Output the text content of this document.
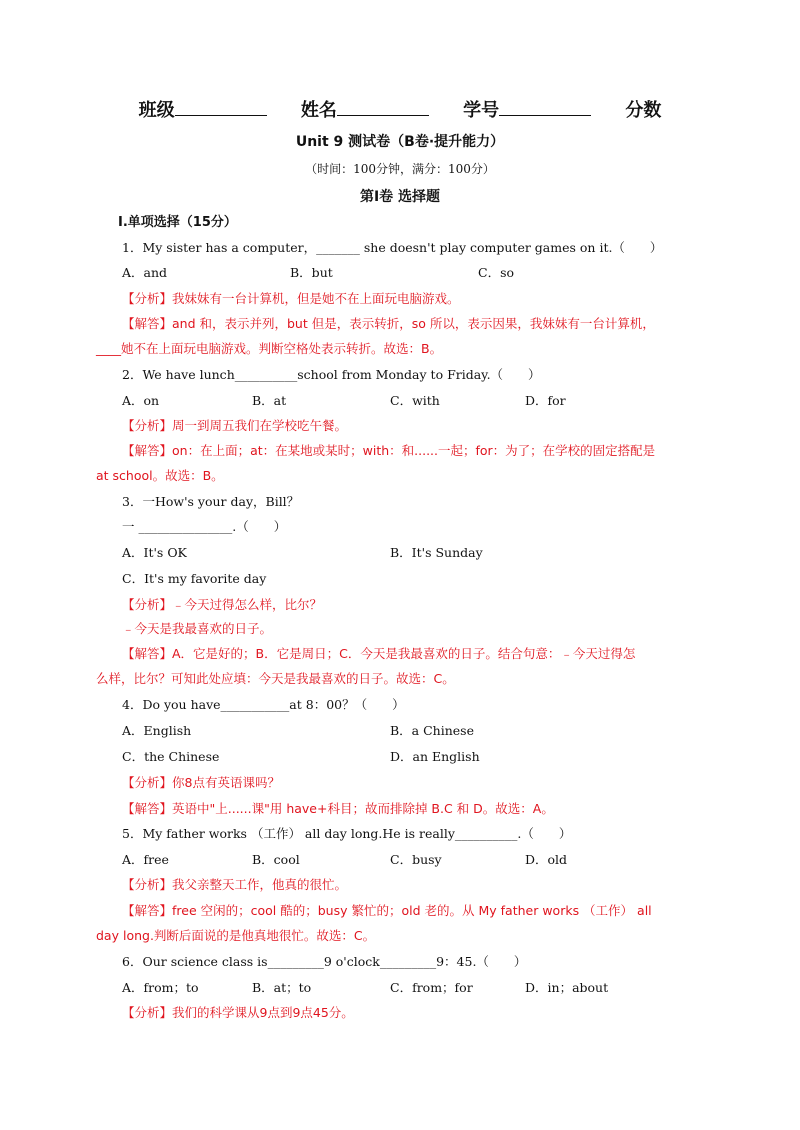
班级	姓名	学号	分数
Unit 9 测试卷（B卷·提升能力）
（时间：100分钟，满分：100分）
第Ⅰ卷 选择题
Ⅰ.单项选择（15分）
1．My sister has a computer，_______ she doesn't play computer games on it.（　　）
A．and	B．but	C．so
【分析】我妹妹有一台计算机，但是她不在上面玩电脑游戏。
【解答】and 和，表示并列，but 但是，表示转折，so 所以，表示因果，我妹妹有一台计算机，
____她不在上面玩电脑游戏。判断空格处表示转折。故选：B。
2．We have lunch__________school from Monday to Friday.（　　）
A．on	B．at	C．with	D．for
【分析】周一到周五我们在学校吃午餐。
【解答】on：在上面；at：在某地或某时；with：和......一起；for：为了；在学校的固定搭配是
at school。故选：B。
3．一How's your day，Bill？
一 _______________.（　　）
A．It's OK	B．It's Sunday
C．It's my favorite day
【分析】﹣今天过得怎么样，比尔？
﹣今天是我最喜欢的日子。
【解答】A．它是好的；B．它是周日；C．今天是我最喜欢的日子。结合句意：﹣今天过得怎
么样，比尔？可知此处应填：今天是我最喜欢的日子。故选：C。
4．Do you have___________at 8：00？（　　）
A．English	B．a Chinese
C．the Chinese	D．an English
【分析】你8点有英语课吗？
【解答】英语中"上......课"用 have+科目；故而排除掉 B.C 和 D。故选：A。
5．My father works （工作） all day long.He is really__________.（　　）
A．free	B．cool	C．busy	D．old
【分析】我父亲整天工作，他真的很忙。
【解答】free 空闲的；cool 酷的；busy 繁忙的；old 老的。从 My father works （工作） all
day long.判断后面说的是他真地很忙。故选：C。
6．Our science class is_________9 o'clock_________9：45.（　　）
A．from；to	B．at；to	C．from；for	D．in；about
【分析】我们的科学课从9点到9点45分。
